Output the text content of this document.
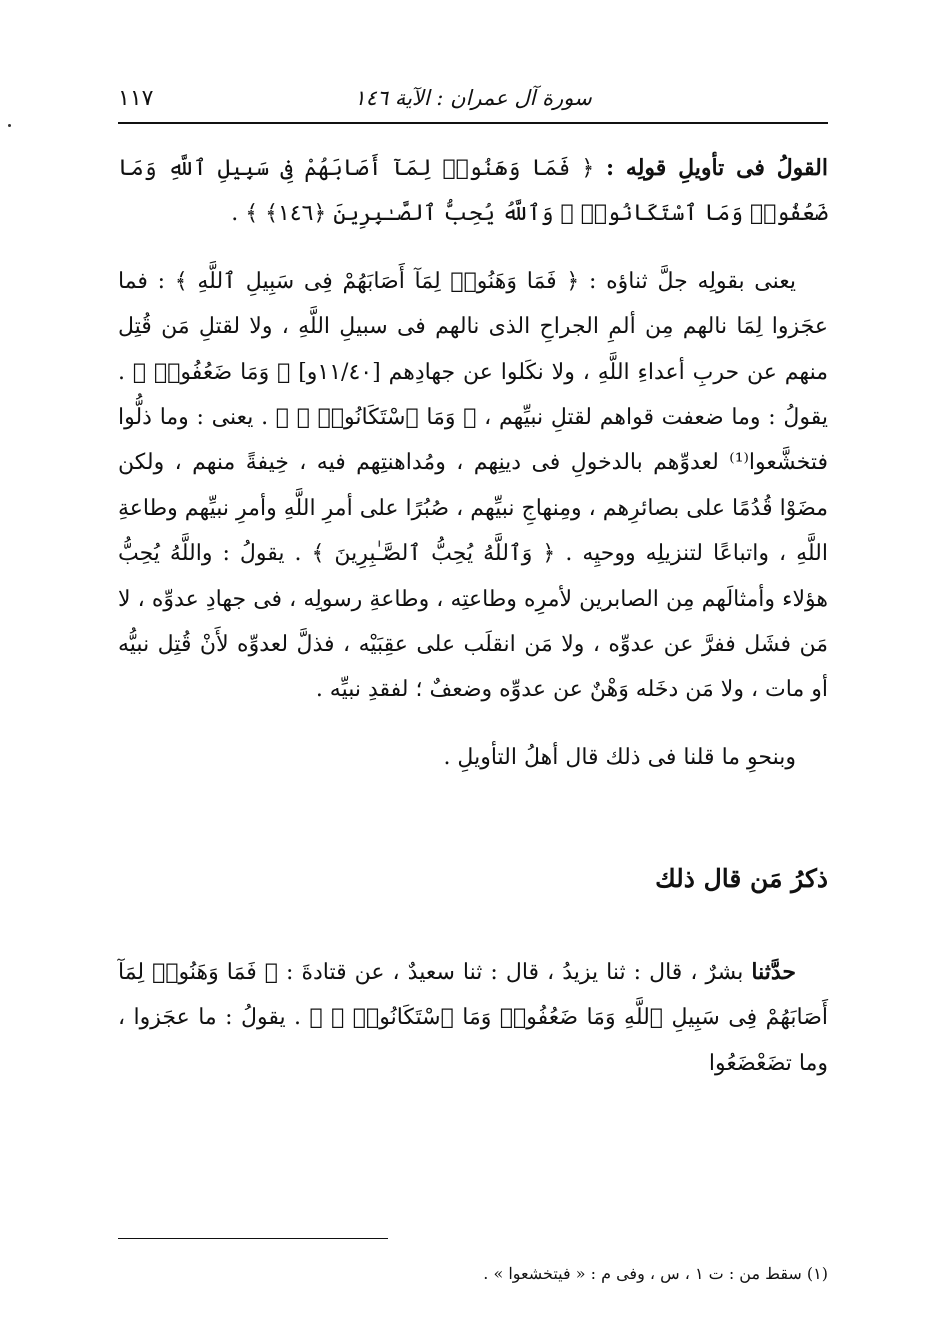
١١٧	سورة آل عمران : الآية ١٤٦

القولُ فى تأويلِ قولِه : ﴿ فَمَا وَهَنُوا۟ لِمَآ أَصَابَهُمْ فِى سَبِيلِ ٱللَّهِ وَمَا ضَعُفُوا۟ وَمَا ٱسْتَكَانُوا۟ ۗ وَٱللَّهُ يُحِبُّ ٱلصَّـٰبِرِينَ ﴿١٤٦﴾ ﴾ .

يعنى بقولِه جلَّ ثناؤه : ﴿ فَمَا وَهَنُوا۟ لِمَآ أَصَابَهُمْ فِى سَبِيلِ ٱللَّهِ ﴾ : فما عجَزوا لِمَا نالهم مِن ألمِ الجراحِ الذى نالهم فى سبيلِ اللَّهِ ، ولا لقتلِ مَن قُتِل منهم عن حربِ أعداءِ اللَّهِ ، ولا نكَلوا عن جهادِهم [١١/٤٠و] ﴿ وَمَا ضَعُفُوا۟ ﴾ . يقولُ : وما ضعفت قواهم لقتلِ نبيِّهم ، ﴿ وَمَا ٱسْتَكَانُوا۟ ۗ ﴾ . يعنى : وما ذلُّوا فتخشَّعوا⁽¹⁾ لعدوِّهم بالدخولِ فى دينِهم ، ومُداهنتِهم فيه ، خِيفةً منهم ، ولكن مضَوْا قُدُمًا على بصائرِهم ، ومِنهاجِ نبيِّهم ، صُبُرًا على أمرِ اللَّهِ وأمرِ نبيِّهم وطاعةِ اللَّهِ ، واتباعًا لتنزيلِه ووحيِه . ﴿ وَٱللَّهُ يُحِبُّ ٱلصَّـٰبِرِينَ ﴾ . يقولُ : واللَّهُ يُحِبُّ هؤلاء وأمثالَهم مِن الصابرين لأمرِه وطاعتِه ، وطاعةِ رسولِه ، فى جهادِ عدوِّه ، لا مَن فشَل ففرَّ عن عدوِّه ، ولا مَن انقلَب على عقِبَيْه ، فذلَّ لعدوِّه لأَنْ قُتِل نبيُّه أو مات ، ولا مَن دخَله وَهْنٌ عن عدوِّه وضعفٌ ؛ لفقدِ نبيِّه .

وبنحوِ ما قلنا فى ذلك قال أهلُ التأويلِ .

ذكرُ مَن قال ذلك

حدَّثنا بشرٌ ، قال : ثنا يزيدُ ، قال : ثنا سعيدٌ ، عن قتادةَ : ﴿ فَمَا وَهَنُوا۟ لِمَآ أَصَابَهُمْ فِى سَبِيلِ ٱللَّهِ وَمَا ضَعُفُوا۟ وَمَا ٱسْتَكَانُوا۟ ۗ ﴾ . يقولُ : ما عجَزوا ، وما تضَعْضَعُوا

(١) سقط من : ت ١ ، س ، وفى م : « فيتخشعوا » .
